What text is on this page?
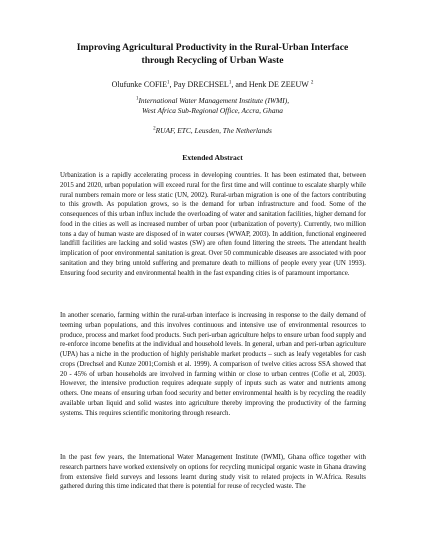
Improving Agricultural Productivity in the Rural-Urban Interface through Recycling of Urban Waste
Olufunke COFIE$^1$, Pay DRECHSEL$^1$, and Henk DE ZEEUW $^2$
$^1$International Water Management Institute (IWMI),
West Africa Sub-Regional Office, Accra, Ghana
$^2$RUAF, ETC, Leusden, The Netherlands
Extended Abstract

Urbanization is a rapidly accelerating process in developing countries. It has been estimated that, between 2015 and 2020, urban population will exceed rural for the first time and will continue to escalate sharply while rural numbers remain more or less static (UN, 2002). Rural-urban migration is one of the factors contributing to this growth. As population grows, so is the demand for urban infrastructure and food. Some of the consequences of this urban influx include the overloading of water and sanitation facilities, higher demand for food in the cities as well as increased number of urban poor (urbanization of poverty). Currently, two million tons a day of human waste are disposed of in water courses (WWAP, 2003). In addition, functional engineered landfill facilities are lacking and solid wastes (SW) are often found littering the streets. The attendant health implication of poor environmental sanitation is great. Over 50 communicable diseases are associated with poor sanitation and they bring untold suffering and premature death to millions of people every year (UN 1993). Ensuring food security and environmental health in the fast expanding cities is of paramount importance.

In another scenario, farming within the rural-urban interface is increasing in response to the daily demand of teeming urban populations, and this involves continuous and intensive use of environmental resources to produce, process and market food products. Such peri-urban agriculture helps to ensure urban food supply and re-enforce income benefits at the individual and household levels. In general, urban and peri-urban agriculture (UPA) has a niche in the production of highly perishable market products – such as leafy vegetables for cash crops (Drechsel and Kunze 2001;Cornish et al. 1999). A comparison of twelve cities across SSA showed that 20 - 45% of urban households are involved in farming within or close to urban centres (Cofie et al, 2003). However, the intensive production requires adequate supply of inputs such as water and nutrients among others. One means of ensuring urban food security and better environmental health is by recycling the readily available urban liquid and solid wastes into agriculture thereby improving the productivity of the farming systems. This requires scientific monitoring through research.

In the past few years, the International Water Management Institute (IWMI), Ghana office together with research partners have worked extensively on options for recycling municipal organic waste in Ghana drawing from extensive field surveys and lessons learnt during study visit to related projects in W.Africa. Results gathered during this time indicated that there is potential for reuse of recycled waste. The
